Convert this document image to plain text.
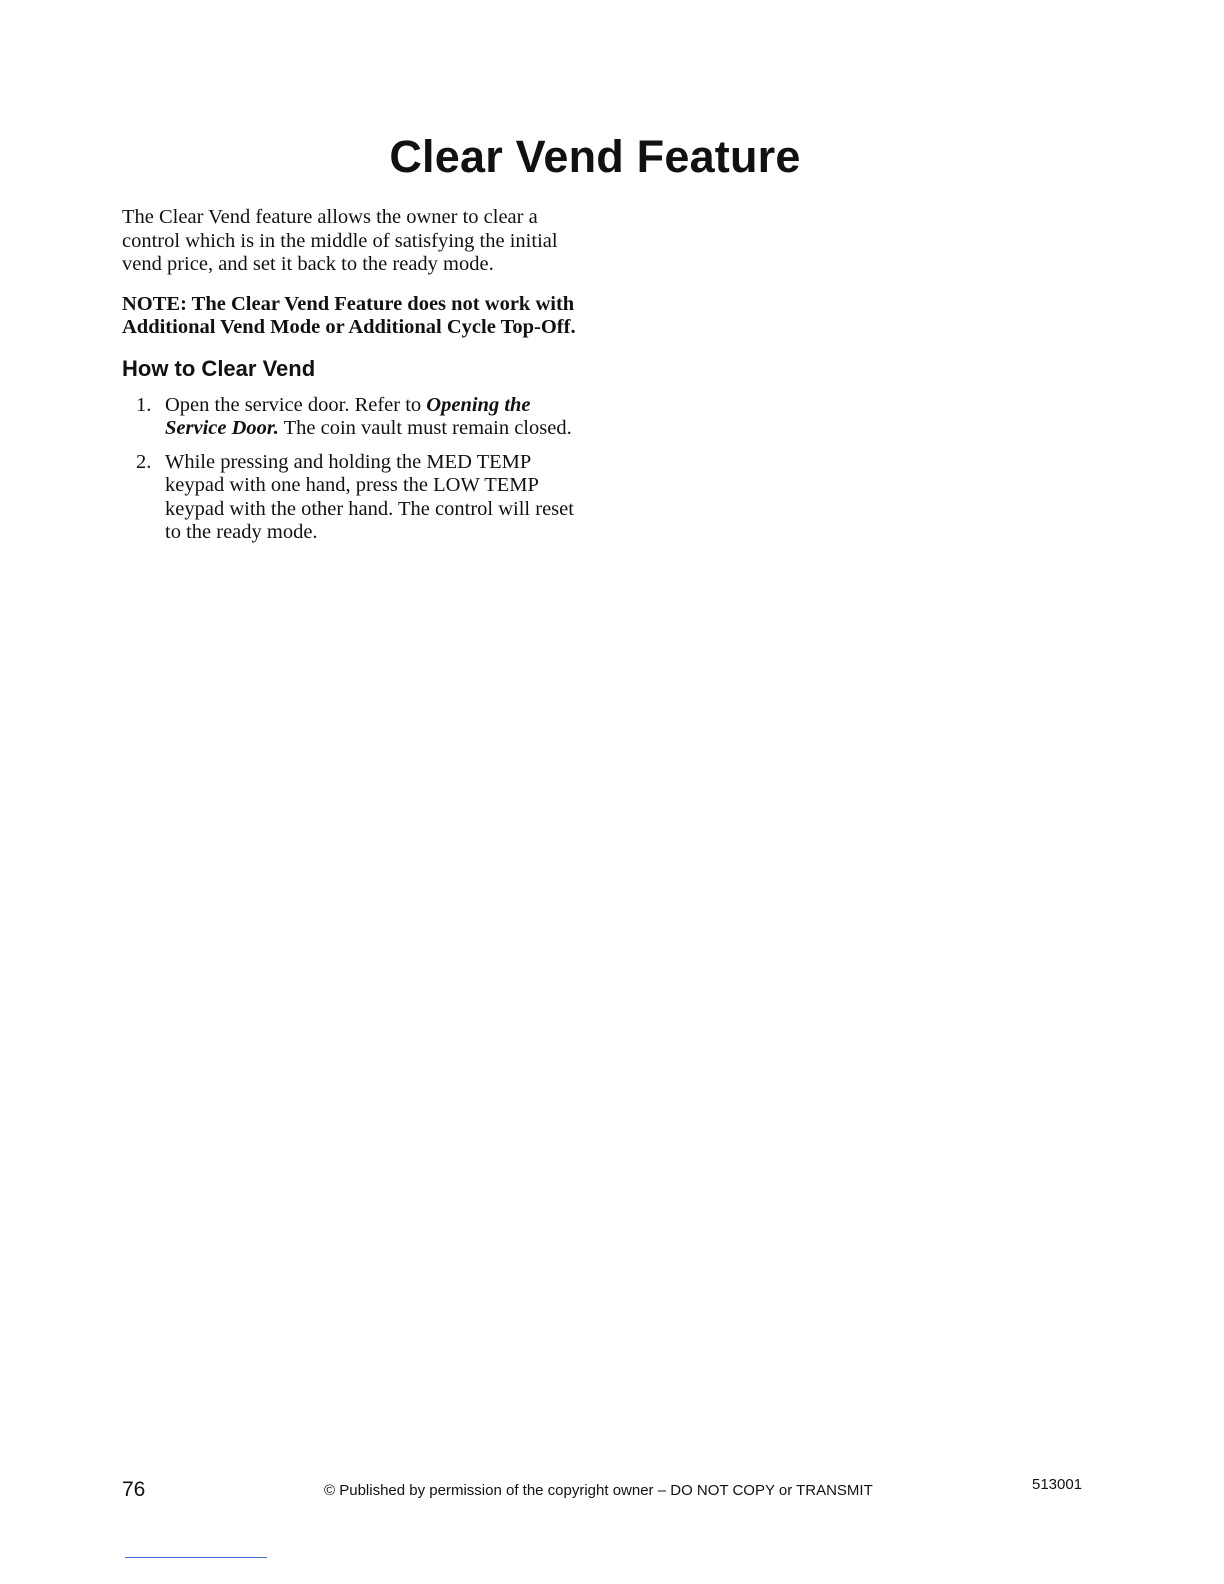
Clear Vend Feature

The Clear Vend feature allows the owner to clear a control which is in the middle of satisfying the initial vend price, and set it back to the ready mode.

NOTE: The Clear Vend Feature does not work with Additional Vend Mode or Additional Cycle Top-Off.

How to Clear Vend
1. Open the service door. Refer to Opening the Service Door. The coin vault must remain closed.
2. While pressing and holding the MED TEMP keypad with one hand, press the LOW TEMP keypad with the other hand. The control will reset to the ready mode.
76	© Published by permission of the copyright owner – DO NOT COPY or TRANSMIT	513001
